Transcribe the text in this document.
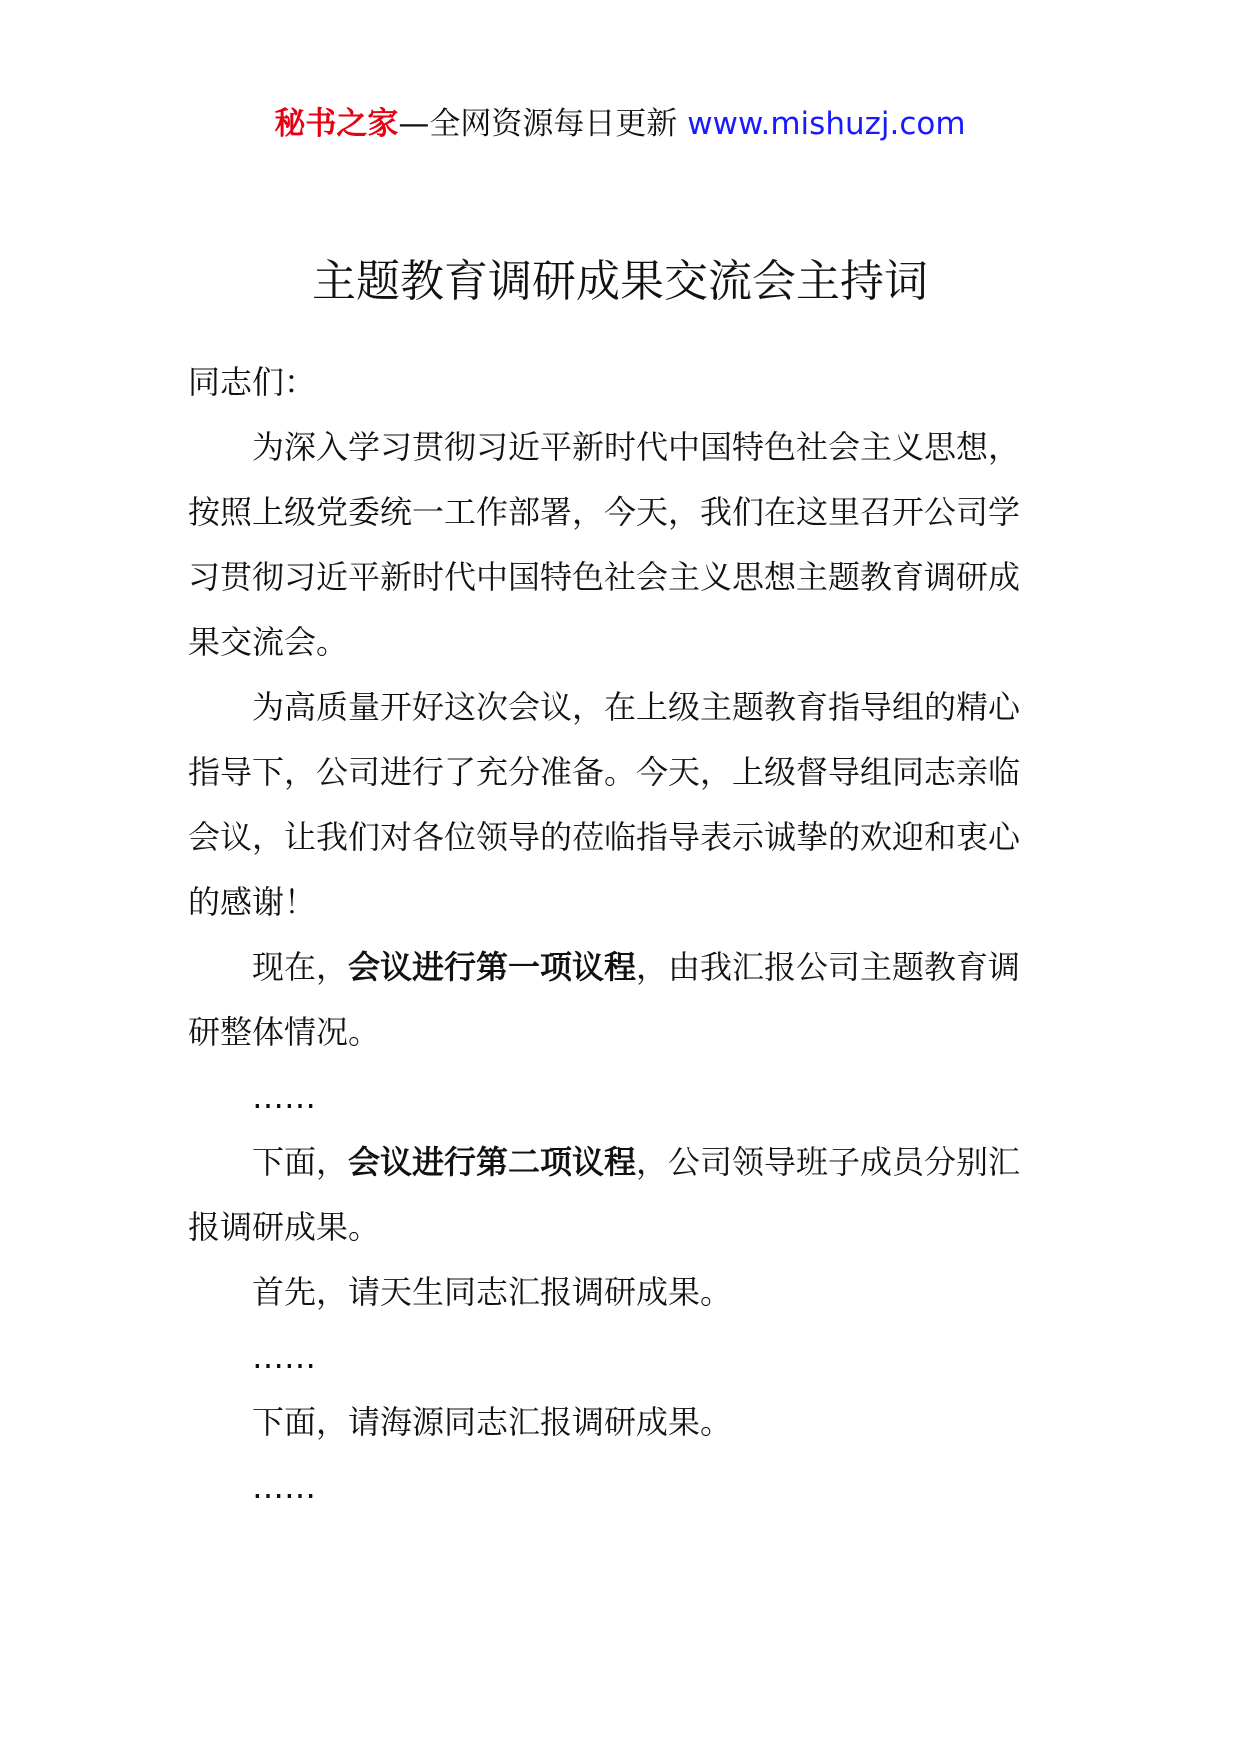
秘书之家—全网资源每日更新 www.mishuzj.com
主题教育调研成果交流会主持词

同志们：

为深入学习贯彻习近平新时代中国特色社会主义思想，按照上级党委统一工作部署，今天，我们在这里召开公司学习贯彻习近平新时代中国特色社会主义思想主题教育调研成果交流会。

为高质量开好这次会议，在上级主题教育指导组的精心指导下，公司进行了充分准备。今天，上级督导组同志亲临会议，让我们对各位领导的莅临指导表示诚挚的欢迎和衷心的感谢！

现在，会议进行第一项议程，由我汇报公司主题教育调研整体情况。

……

下面，会议进行第二项议程，公司领导班子成员分别汇报调研成果。

首先，请天生同志汇报调研成果。

……

下面，请海源同志汇报调研成果。

……
